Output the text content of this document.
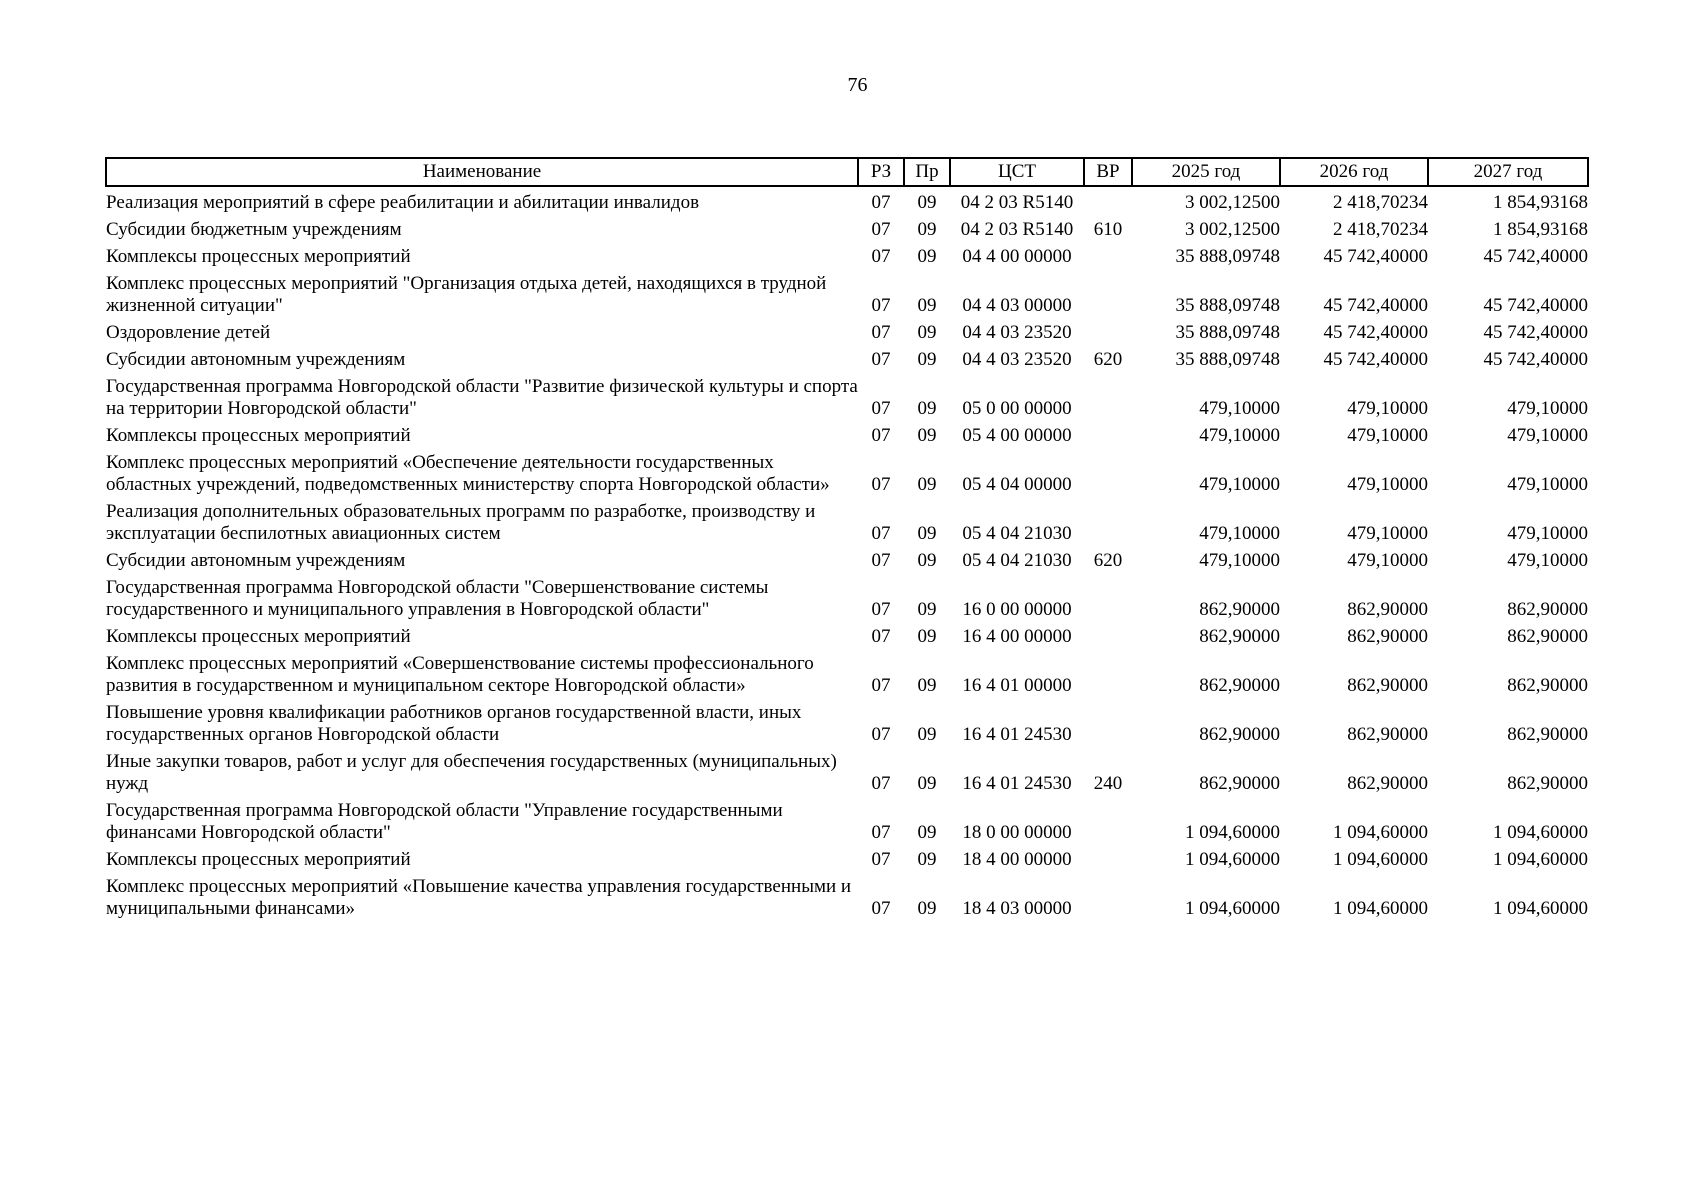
76
Наименование	РЗ	Пр	ЦСТ	ВР	2025 год	2026 год	2027 год
Реализация мероприятий в сфере реабилитации и абилитации инвалидов	07	09	04 2 03 R5140		3 002,12500	2 418,70234	1 854,93168
Субсидии бюджетным учреждениям	07	09	04 2 03 R5140	610	3 002,12500	2 418,70234	1 854,93168
Комплексы процессных мероприятий	07	09	04 4 00 00000		35 888,09748	45 742,40000	45 742,40000
Комплекс процессных мероприятий "Организация отдыха детей, находящихся в трудной жизненной ситуации"	07	09	04 4 03 00000		35 888,09748	45 742,40000	45 742,40000
Оздоровление детей	07	09	04 4 03 23520		35 888,09748	45 742,40000	45 742,40000
Субсидии автономным учреждениям	07	09	04 4 03 23520	620	35 888,09748	45 742,40000	45 742,40000
Государственная программа Новгородской области "Развитие физической культуры и спорта на территории Новгородской области"	07	09	05 0 00 00000		479,10000	479,10000	479,10000
Комплексы процессных мероприятий	07	09	05 4 00 00000		479,10000	479,10000	479,10000
Комплекс процессных мероприятий «Обеспечение деятельности государственных областных учреждений, подведомственных министерству спорта Новгородской области»	07	09	05 4 04 00000		479,10000	479,10000	479,10000
Реализация дополнительных образовательных программ по разработке, производству и эксплуатации беспилотных авиационных систем	07	09	05 4 04 21030		479,10000	479,10000	479,10000
Субсидии автономным учреждениям	07	09	05 4 04 21030	620	479,10000	479,10000	479,10000
Государственная программа Новгородской области "Совершенствование системы государственного и муниципального управления в Новгородской области"	07	09	16 0 00 00000		862,90000	862,90000	862,90000
Комплексы процессных мероприятий	07	09	16 4 00 00000		862,90000	862,90000	862,90000
Комплекс процессных мероприятий «Совершенствование системы профессионального развития в государственном и муниципальном секторе Новгородской области»	07	09	16 4 01 00000		862,90000	862,90000	862,90000
Повышение уровня квалификации работников органов государственной власти, иных государственных органов Новгородской области	07	09	16 4 01 24530		862,90000	862,90000	862,90000
Иные закупки товаров, работ и услуг для обеспечения государственных (муниципальных) нужд	07	09	16 4 01 24530	240	862,90000	862,90000	862,90000
Государственная программа Новгородской области "Управление государственными финансами Новгородской области"	07	09	18 0 00 00000		1 094,60000	1 094,60000	1 094,60000
Комплексы процессных мероприятий	07	09	18 4 00 00000		1 094,60000	1 094,60000	1 094,60000
Комплекс процессных мероприятий «Повышение качества управления государственными и муниципальными финансами»	07	09	18 4 03 00000		1 094,60000	1 094,60000	1 094,60000
